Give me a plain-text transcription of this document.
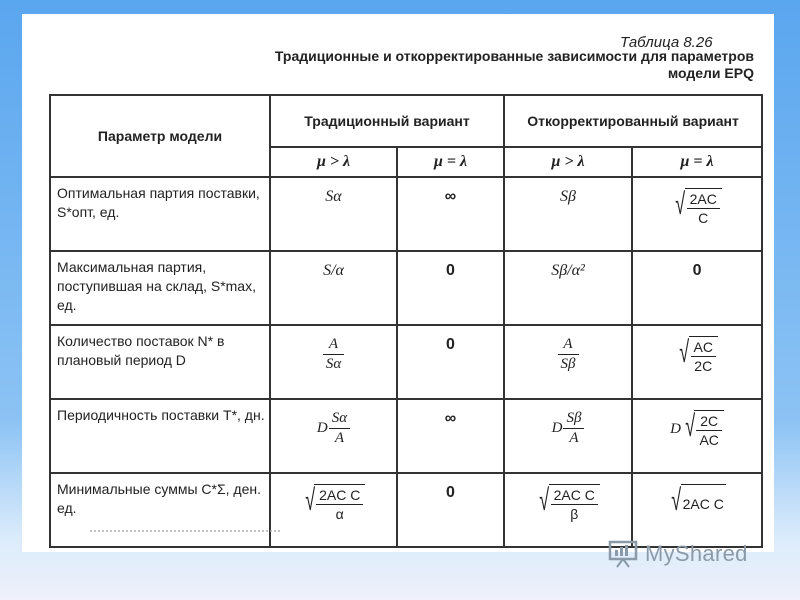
Таблица 8.26
Традиционные и откорректированные зависимости для параметров
модели EPQ
Параметр модели	Традиционный вариант		Откорректированный вариант	
	μ > λ	μ = λ	μ > λ	μ = λ
Оптимальная партия поставки, S*опт, ед.	Sα	∞	Sβ	√ $\frac{2AC}{C}$

Максимальная партия, поступившая на склад, S*max, ед.	S/α	0	Sβ/α²	0
Количество поставок N* в плановый период D	$\frac{A}{S\alpha}$	0	$\frac{A}{S\beta}$	√ $\frac{AC}{2C}$

Периодичность поставки T*, дн.	D $\frac{S\alpha}{A}$	∞	D $\frac{S\beta}{A}$	D √ $\frac{2C}{AC}$

Минимальные суммы C*Σ, ден. ед.	√ $\frac{\text{2AC C}}{\alpha}$	0	√ $\frac{\text{2AC C}}{\beta}$	√ 2AC C
MyShared
